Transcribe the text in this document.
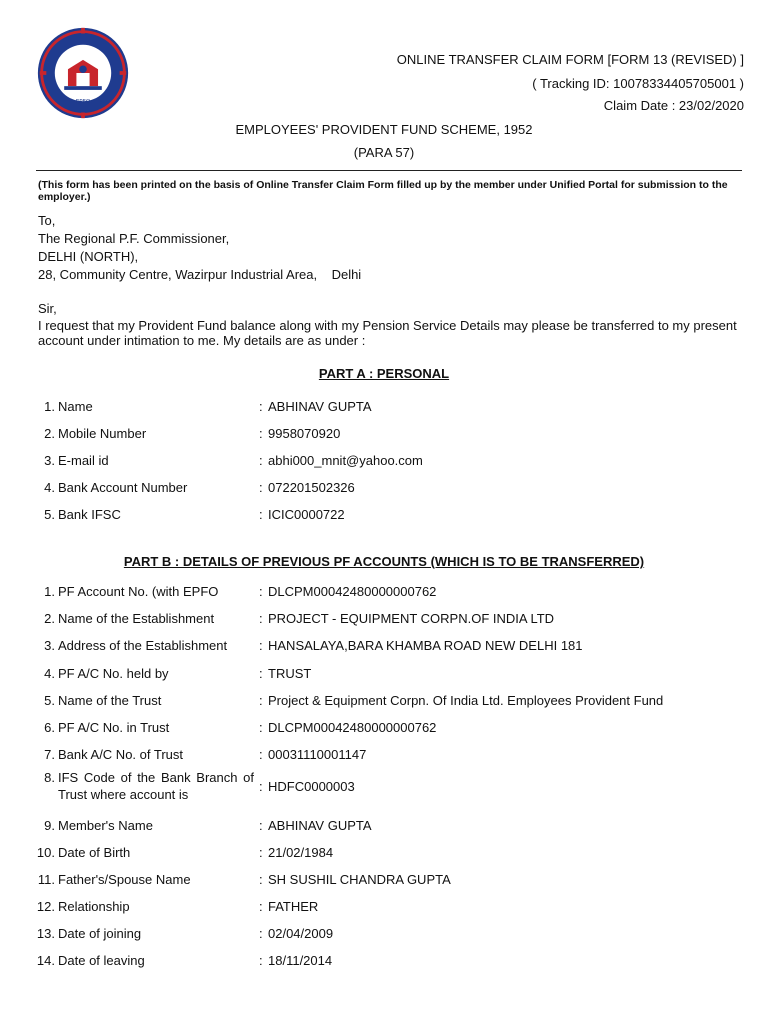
EPFO
ONLINE TRANSFER CLAIM FORM [FORM 13 (REVISED) ]
( Tracking ID: 10078334405705001 )
Claim Date : 23/02/2020
EMPLOYEES' PROVIDENT FUND SCHEME, 1952
(PARA 57)
(This form has been printed on the basis of Online Transfer Claim Form filled up by the member under Unified Portal for submission to the employer.)
To,
The Regional P.F. Commissioner,
DELHI (NORTH),
28, Community Centre, Wazirpur Industrial Area,    Delhi
Sir,
I request that my Provident Fund balance along with my Pension Service Details may please be transferred to my present account under intimation to me. My details are as under :
PART A : PERSONAL
1. Name	: ABHINAV GUPTA
2. Mobile Number	: 9958070920
3. E-mail id	: abhi000_mnit@yahoo.com
4. Bank Account Number	: 072201502326
5. Bank IFSC	: ICIC0000722
PART B : DETAILS OF PREVIOUS PF ACCOUNTS (WHICH IS TO BE TRANSFERRED)
1. PF Account No. (with EPFO	: DLCPM00042480000000762
2. Name of the Establishment	: PROJECT - EQUIPMENT CORPN.OF INDIA LTD
3. Address of the Establishment	: HANSALAYA,BARA KHAMBA ROAD NEW DELHI 181
4. PF A/C No. held by	: TRUST
5. Name of the Trust	: Project & Equipment Corpn. Of India Ltd. Employees Provident Fund
6. PF A/C No. in Trust	: DLCPM00042480000000762
7. Bank A/C No. of Trust	: 00031110001147
8. IFS Code of the Bank Branch of
Trust where account is
: HDFC0000003
9. Member's Name	: ABHINAV GUPTA
10. Date of Birth	: 21/02/1984
11. Father's/Spouse Name	: SH SUSHIL CHANDRA GUPTA
12. Relationship	: FATHER
13. Date of joining	: 02/04/2009
14. Date of leaving	: 18/11/2014
